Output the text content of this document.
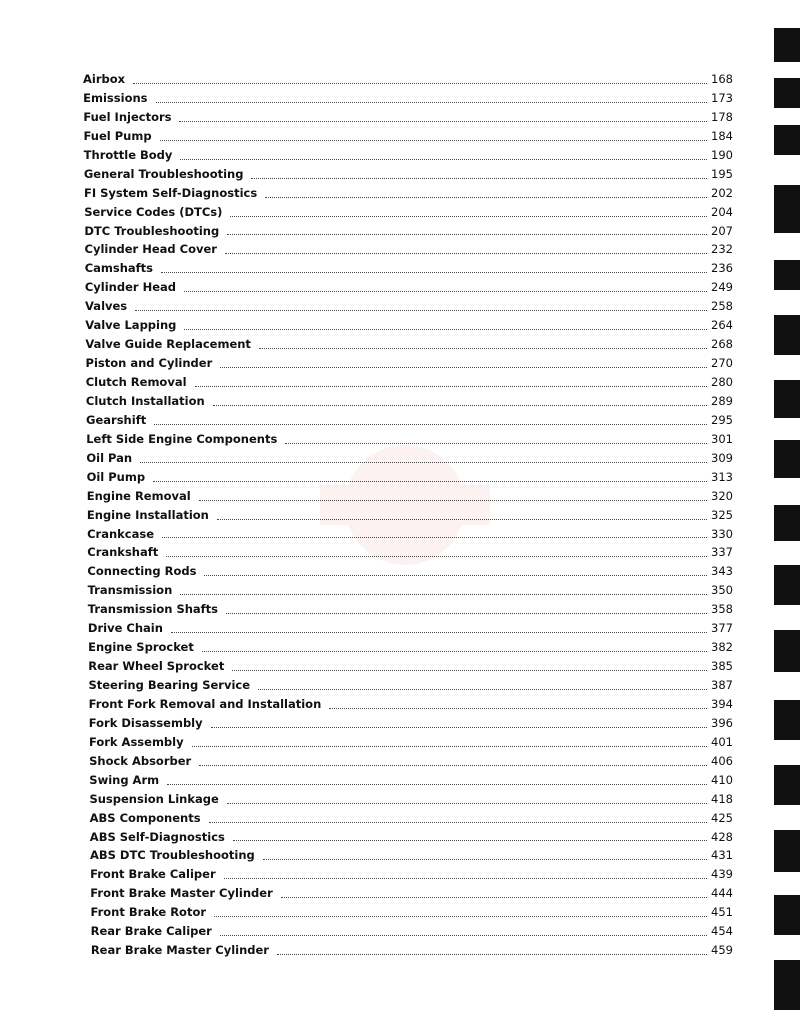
Airbox	168
Emissions	173
Fuel Injectors	178
Fuel Pump	184
Throttle Body	190
General Troubleshooting	195
FI System Self-Diagnostics	202
Service Codes (DTCs)	204
DTC Troubleshooting	207
Cylinder Head Cover	232
Camshafts	236
Cylinder Head	249
Valves	258
Valve Lapping	264
Valve Guide Replacement	268
Piston and Cylinder	270
Clutch Removal	280
Clutch Installation	289
Gearshift	295
Left Side Engine Components	301
Oil Pan	309
Oil Pump	313
Engine Removal	320
Engine Installation	325
Crankcase	330
Crankshaft	337
Connecting Rods	343
Transmission	350
Transmission Shafts	358
Drive Chain	377
Engine Sprocket	382
Rear Wheel Sprocket	385
Steering Bearing Service	387
Front Fork Removal and Installation	394
Fork Disassembly	396
Fork Assembly	401
Shock Absorber	406
Swing Arm	410
Suspension Linkage	418
ABS Components	425
ABS Self-Diagnostics	428
ABS DTC Troubleshooting	431
Front Brake Caliper	439
Front Brake Master Cylinder	444
Front Brake Rotor	451
Rear Brake Caliper	454
Rear Brake Master Cylinder	459
